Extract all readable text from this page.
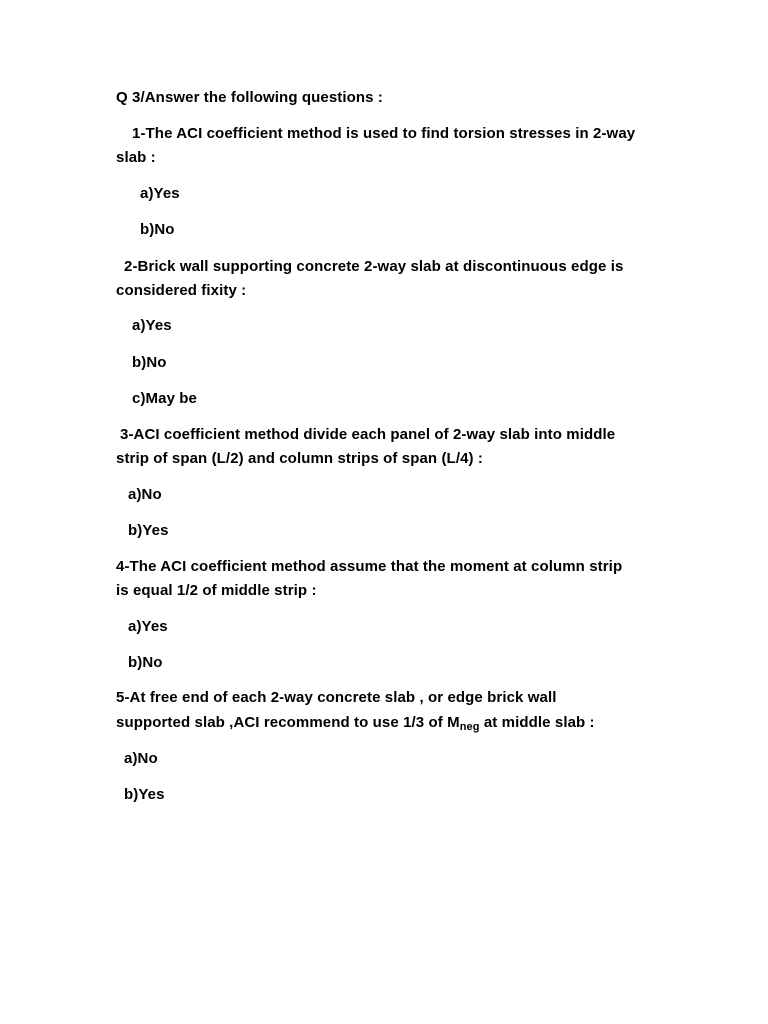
Q 3/Answer the following questions :
1-The ACI coefficient method is used to find torsion stresses in 2-way
slab :
a)Yes
b)No
2-Brick wall supporting concrete 2-way slab at discontinuous edge is
considered fixity :
a)Yes
b)No
c)May be
3-ACI coefficient method divide each panel of 2-way slab into middle
strip of span (L/2) and column strips of span (L/4) :
a)No
b)Yes
4-The ACI coefficient method assume that the moment at column strip
is equal 1/2 of middle strip :
a)Yes
b)No
5-At free end of each 2-way concrete slab , or edge brick wall
supported slab ,ACI recommend to use 1/3 of $M_{neg}$ at middle slab :
a)No
b)Yes
